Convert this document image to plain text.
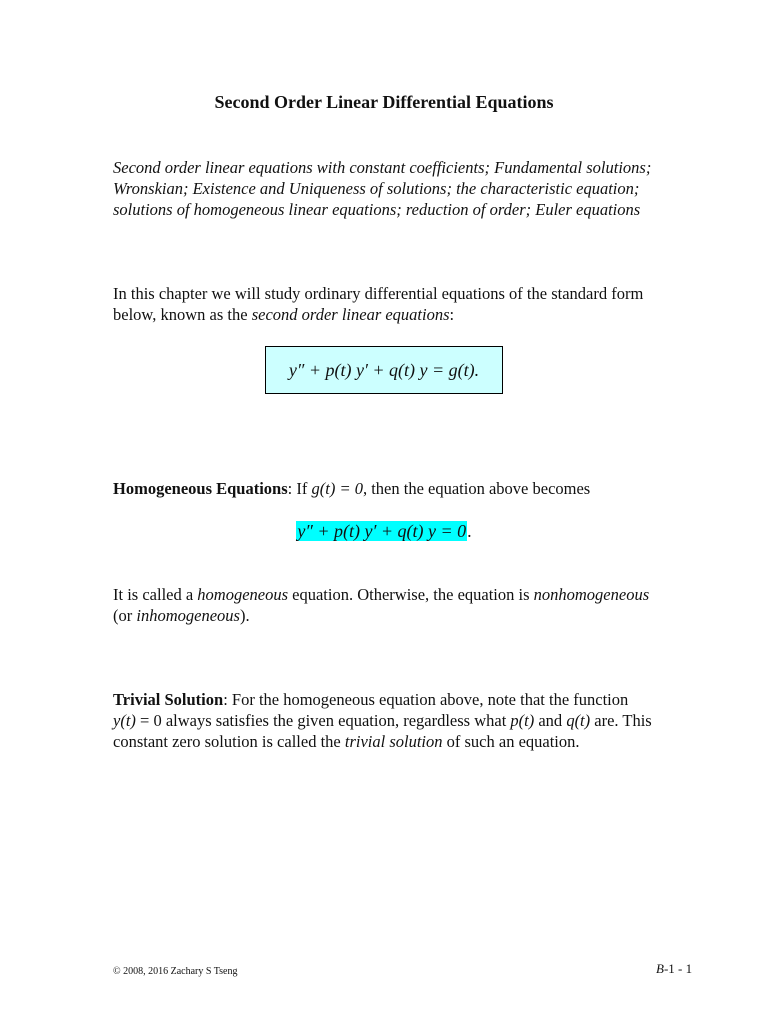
Second Order Linear Differential Equations
Second order linear equations with constant coefficients; Fundamental solutions; Wronskian; Existence and Uniqueness of solutions; the characteristic equation; solutions of homogeneous linear equations; reduction of order; Euler equations
In this chapter we will study ordinary differential equations of the standard form below, known as the second order linear equations:
y″ + p(t) y′ + q(t) y = g(t).
Homogeneous Equations: If g(t) = 0, then the equation above becomes
y″ + p(t) y′ + q(t) y = 0.
It is called a homogeneous equation. Otherwise, the equation is nonhomogeneous (or inhomogeneous).
Trivial Solution: For the homogeneous equation above, note that the function y(t) = 0 always satisfies the given equation, regardless what p(t) and q(t) are. This constant zero solution is called the trivial solution of such an equation.
© 2008, 2016 Zachary S Tseng	B-1 - 1
